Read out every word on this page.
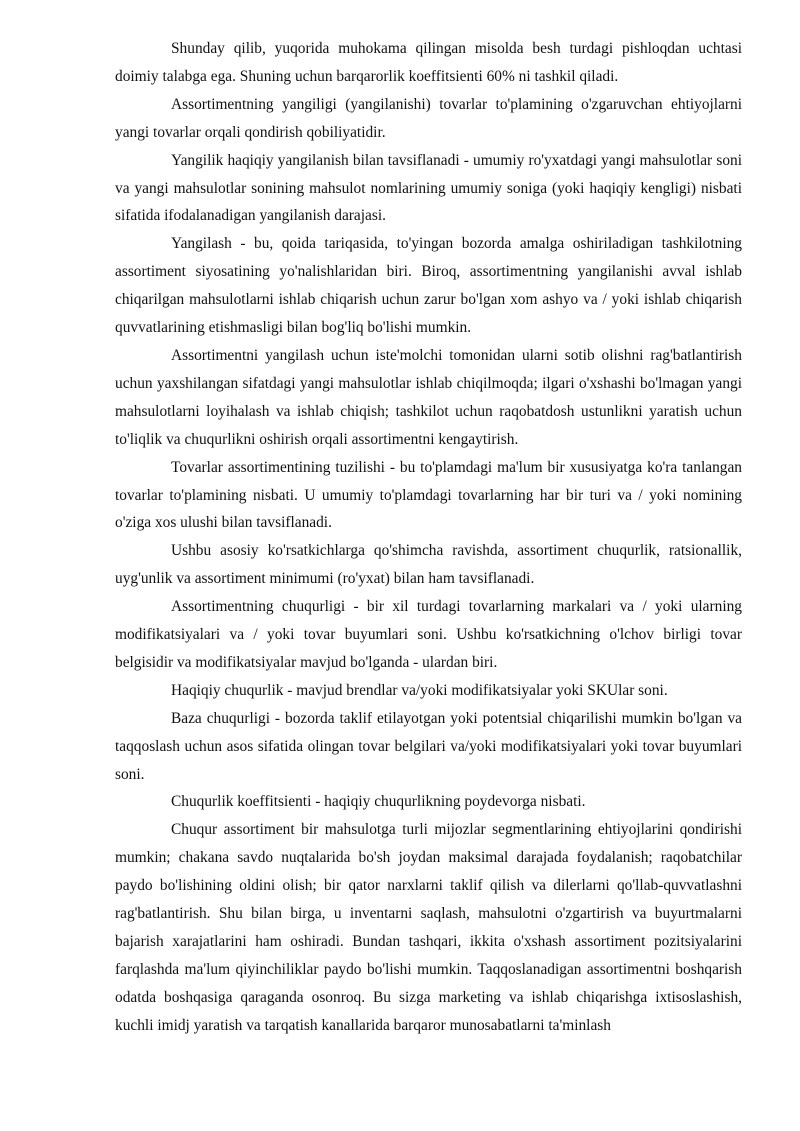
Shunday qilib, yuqorida muhokama qilingan misolda besh turdagi pishloqdan uchtasi doimiy talabga ega. Shuning uchun barqarorlik koeffitsienti 60% ni tashkil qiladi.

Assortimentning yangiligi (yangilanishi) tovarlar to'plamining o'zgaruvchan ehtiyojlarni yangi tovarlar orqali qondirish qobiliyatidir.

Yangilik haqiqiy yangilanish bilan tavsiflanadi - umumiy ro'yxatdagi yangi mahsulotlar soni va yangi mahsulotlar sonining mahsulot nomlarining umumiy soniga (yoki haqiqiy kengligi) nisbati sifatida ifodalanadigan yangilanish darajasi.

Yangilash - bu, qoida tariqasida, to'yingan bozorda amalga oshiriladigan tashkilotning assortiment siyosatining yo'nalishlaridan biri. Biroq, assortimentning yangilanishi avval ishlab chiqarilgan mahsulotlarni ishlab chiqarish uchun zarur bo'lgan xom ashyo va / yoki ishlab chiqarish quvvatlarining etishmasligi bilan bog'liq bo'lishi mumkin.

Assortimentni yangilash uchun iste'molchi tomonidan ularni sotib olishni rag'batlantirish uchun yaxshilangan sifatdagi yangi mahsulotlar ishlab chiqilmoqda; ilgari o'xshashi bo'lmagan yangi mahsulotlarni loyihalash va ishlab chiqish; tashkilot uchun raqobatdosh ustunlikni yaratish uchun to'liqlik va chuqurlikni oshirish orqali assortimentni kengaytirish.

Tovarlar assortimentining tuzilishi - bu to'plamdagi ma'lum bir xususiyatga ko'ra tanlangan tovarlar to'plamining nisbati. U umumiy to'plamdagi tovarlarning har bir turi va / yoki nomining o'ziga xos ulushi bilan tavsiflanadi.

Ushbu asosiy ko'rsatkichlarga qo'shimcha ravishda, assortiment chuqurlik, ratsionallik, uyg'unlik va assortiment minimumi (ro'yxat) bilan ham tavsiflanadi.

Assortimentning chuqurligi - bir xil turdagi tovarlarning markalari va / yoki ularning modifikatsiyalari va / yoki tovar buyumlari soni. Ushbu ko'rsatkichning o'lchov birligi tovar belgisidir va modifikatsiyalar mavjud bo'lganda - ulardan biri.

Haqiqiy chuqurlik - mavjud brendlar va/yoki modifikatsiyalar yoki SKUlar soni.

Baza chuqurligi - bozorda taklif etilayotgan yoki potentsial chiqarilishi mumkin bo'lgan va taqqoslash uchun asos sifatida olingan tovar belgilari va/yoki modifikatsiyalari yoki tovar buyumlari soni.

Chuqurlik koeffitsienti - haqiqiy chuqurlikning poydevorga nisbati.

Chuqur assortiment bir mahsulotga turli mijozlar segmentlarining ehtiyojlarini qondirishi mumkin; chakana savdo nuqtalarida bo'sh joydan maksimal darajada foydalanish; raqobatchilar paydo bo'lishining oldini olish; bir qator narxlarni taklif qilish va dilerlarni qo'llab-quvvatlashni rag'batlantirish. Shu bilan birga, u inventarni saqlash, mahsulotni o'zgartirish va buyurtmalarni bajarish xarajatlarini ham oshiradi. Bundan tashqari, ikkita o'xshash assortiment pozitsiyalarini farqlashda ma'lum qiyinchiliklar paydo bo'lishi mumkin. Taqqoslanadigan assortimentni boshqarish odatda boshqasiga qaraganda osonroq. Bu sizga marketing va ishlab chiqarishga ixtisoslashish, kuchli imidj yaratish va tarqatish kanallarida barqaror munosabatlarni ta'minlash
